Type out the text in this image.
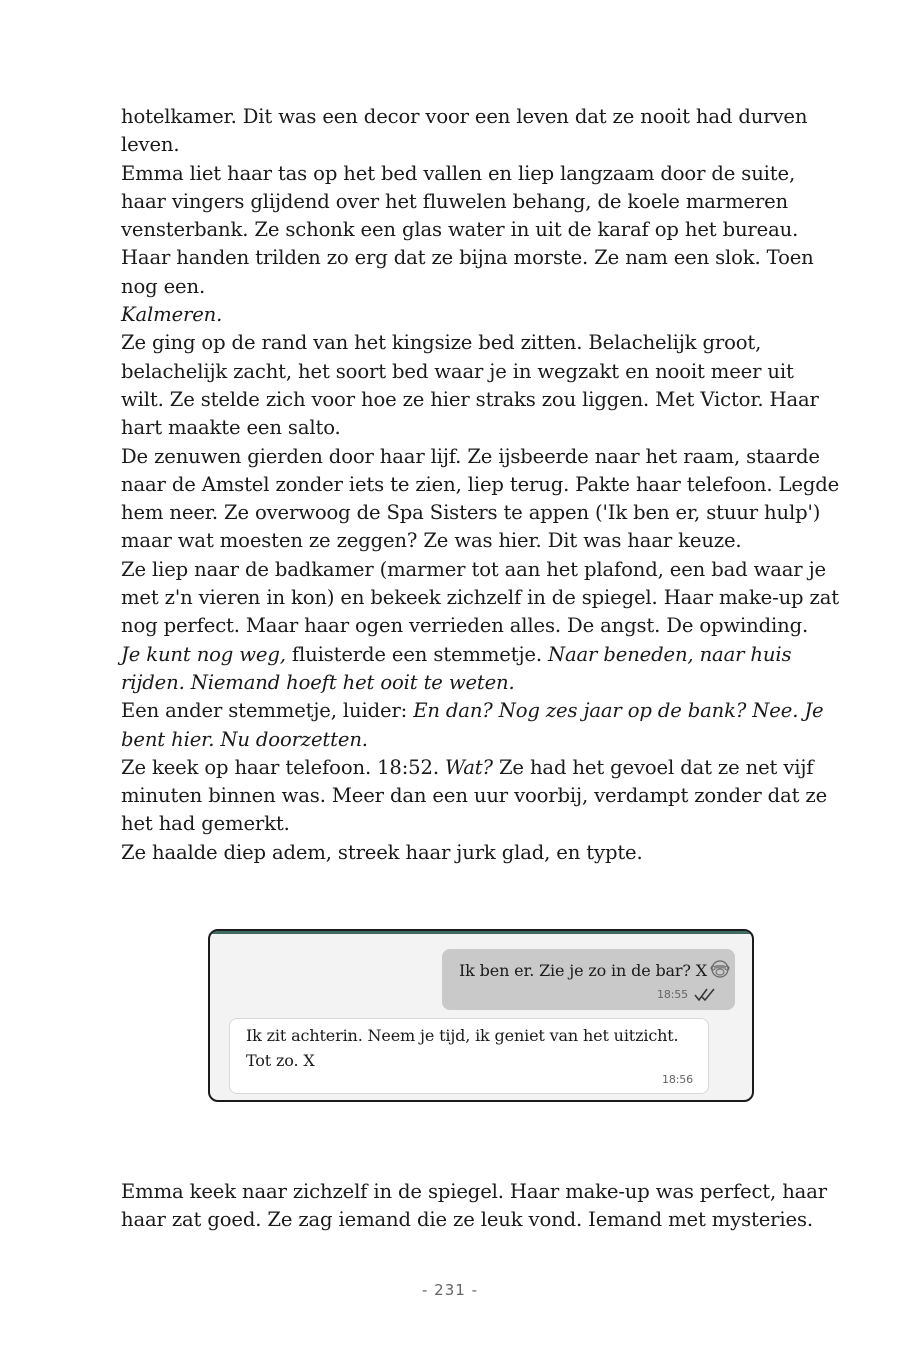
hotelkamer. Dit was een decor voor een leven dat ze nooit had durven leven.

Emma liet haar tas op het bed vallen en liep langzaam door de suite, haar vingers glijdend over het fluwelen behang, de koele marmeren vensterbank. Ze schonk een glas water in uit de karaf op het bureau. Haar handen trilden zo erg dat ze bijna morste. Ze nam een slok. Toen nog een.
Kalmeren.

Ze ging op de rand van het kingsize bed zitten. Belachelijk groot, belachelijk zacht, het soort bed waar je in wegzakt en nooit meer uit wilt. Ze stelde zich voor hoe ze hier straks zou liggen. Met Victor. Haar hart maakte een salto.

De zenuwen gierden door haar lijf. Ze ijsbeerde naar het raam, staarde naar de Amstel zonder iets te zien, liep terug. Pakte haar telefoon. Legde hem neer. Ze overwoog de Spa Sisters te appen ('Ik ben er, stuur hulp') maar wat moesten ze zeggen? Ze was hier. Dit was haar keuze.

Ze liep naar de badkamer (marmer tot aan het plafond, een bad waar je met z'n vieren in kon) en bekeek zichzelf in de spiegel. Haar make-up zat nog perfect. Maar haar ogen verrieden alles. De angst. De opwinding.

Je kunt nog weg, fluisterde een stemmetje. Naar beneden, naar huis rijden. Niemand hoeft het ooit te weten.

Een ander stemmetje, luider: En dan? Nog zes jaar op de bank? Nee. Je bent hier. Nu doorzetten.

Ze keek op haar telefoon. 18:52. Wat? Ze had het gevoel dat ze net vijf minuten binnen was. Meer dan een uur voorbij, verdampt zonder dat ze het had gemerkt.

Ze haalde diep adem, streek haar jurk glad, en typte.

Ik ben er. Zie je zo in de bar? X
18:55
Ik zit achterin. Neem je tijd, ik geniet van het uitzicht. Tot zo. X
18:56

Emma keek naar zichzelf in de spiegel. Haar make-up was perfect, haar haar zat goed. Ze zag iemand die ze leuk vond. Iemand met mysteries.

- 231 -
